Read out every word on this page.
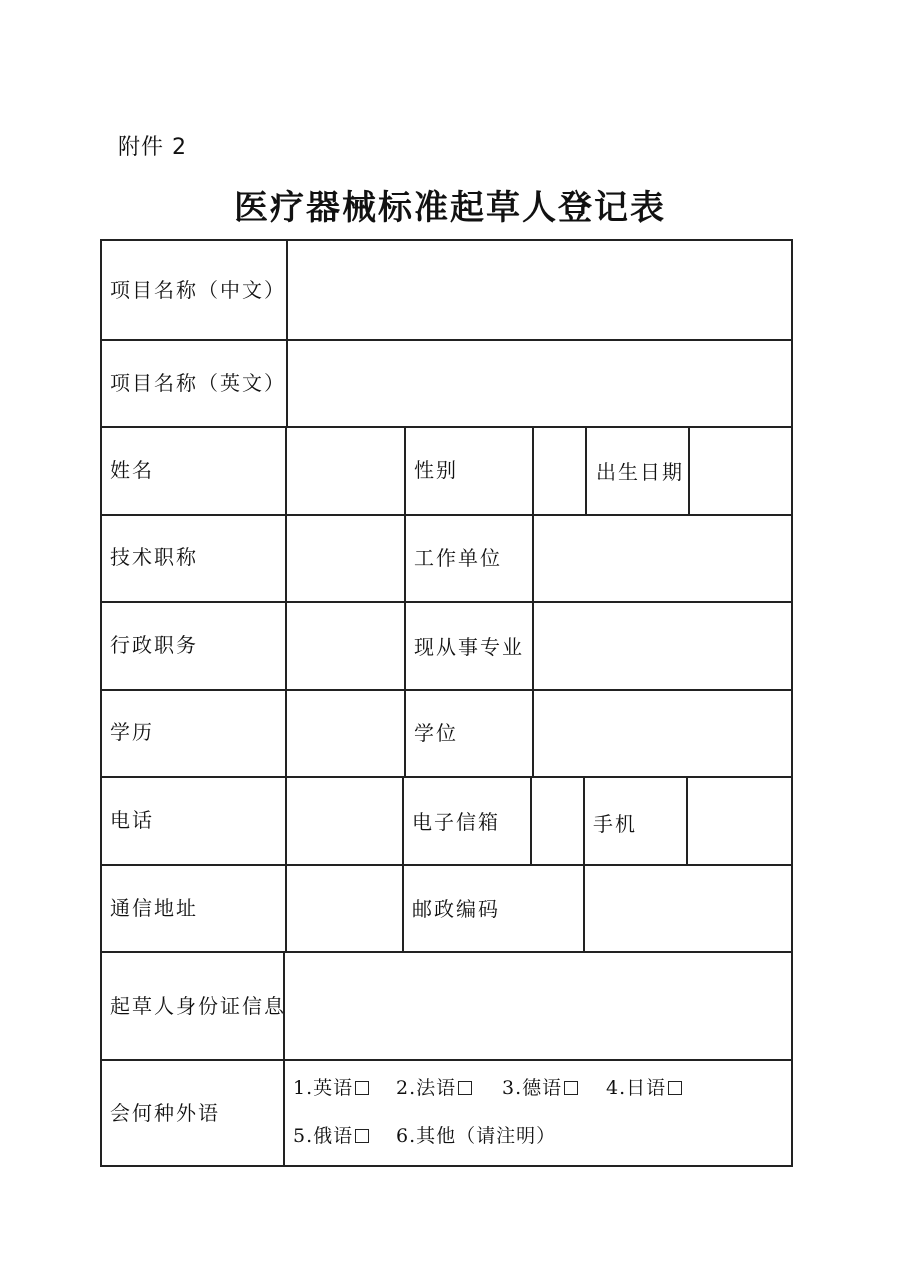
附件 2
医疗器械标准起草人登记表
项目名称（中文）
项目名称（英文）
姓名	性别	出生日期
技术职称	工作单位
行政职务	现从事专业
学历	学位
电话	电子信箱	手机
通信地址	邮政编码
起草人身份证信息
会何种外语
1.英语	2.法语	3.德语	4.日语
5.俄语	6.其他（请注明）
